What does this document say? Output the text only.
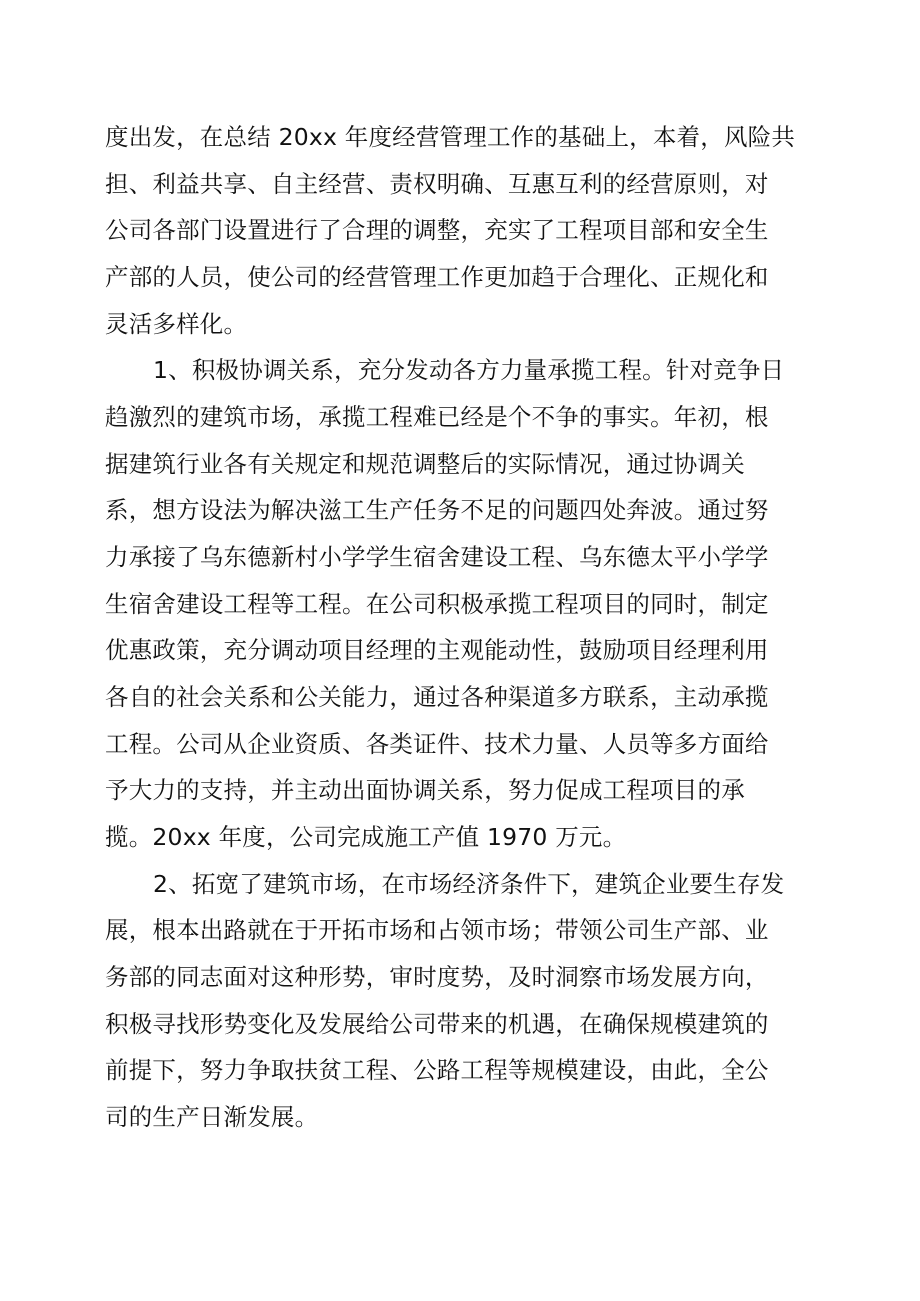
度出发，在总结 20xx 年度经营管理工作的基础上，本着，风险共
担、利益共享、自主经营、责权明确、互惠互利的经营原则，对
公司各部门设置进行了合理的调整，充实了工程项目部和安全生
产部的人员，使公司的经营管理工作更加趋于合理化、正规化和
灵活多样化。
1、积极协调关系，充分发动各方力量承揽工程。针对竞争日
趋激烈的建筑市场，承揽工程难已经是个不争的事实。年初，根
据建筑行业各有关规定和规范调整后的实际情况，通过协调关
系，想方设法为解决滋工生产任务不足的问题四处奔波。通过努
力承接了乌东德新村小学学生宿舍建设工程、乌东德太平小学学
生宿舍建设工程等工程。在公司积极承揽工程项目的同时，制定
优惠政策，充分调动项目经理的主观能动性，鼓励项目经理利用
各自的社会关系和公关能力，通过各种渠道多方联系，主动承揽
工程。公司从企业资质、各类证件、技术力量、人员等多方面给
予大力的支持，并主动出面协调关系，努力促成工程项目的承
揽。20xx 年度，公司完成施工产值 1970 万元。
2、拓宽了建筑市场，在市场经济条件下，建筑企业要生存发
展，根本出路就在于开拓市场和占领市场；带领公司生产部、业
务部的同志面对这种形势，审时度势，及时洞察市场发展方向，
积极寻找形势变化及发展给公司带来的机遇，在确保规模建筑的
前提下，努力争取扶贫工程、公路工程等规模建设，由此，全公
司的生产日渐发展。
